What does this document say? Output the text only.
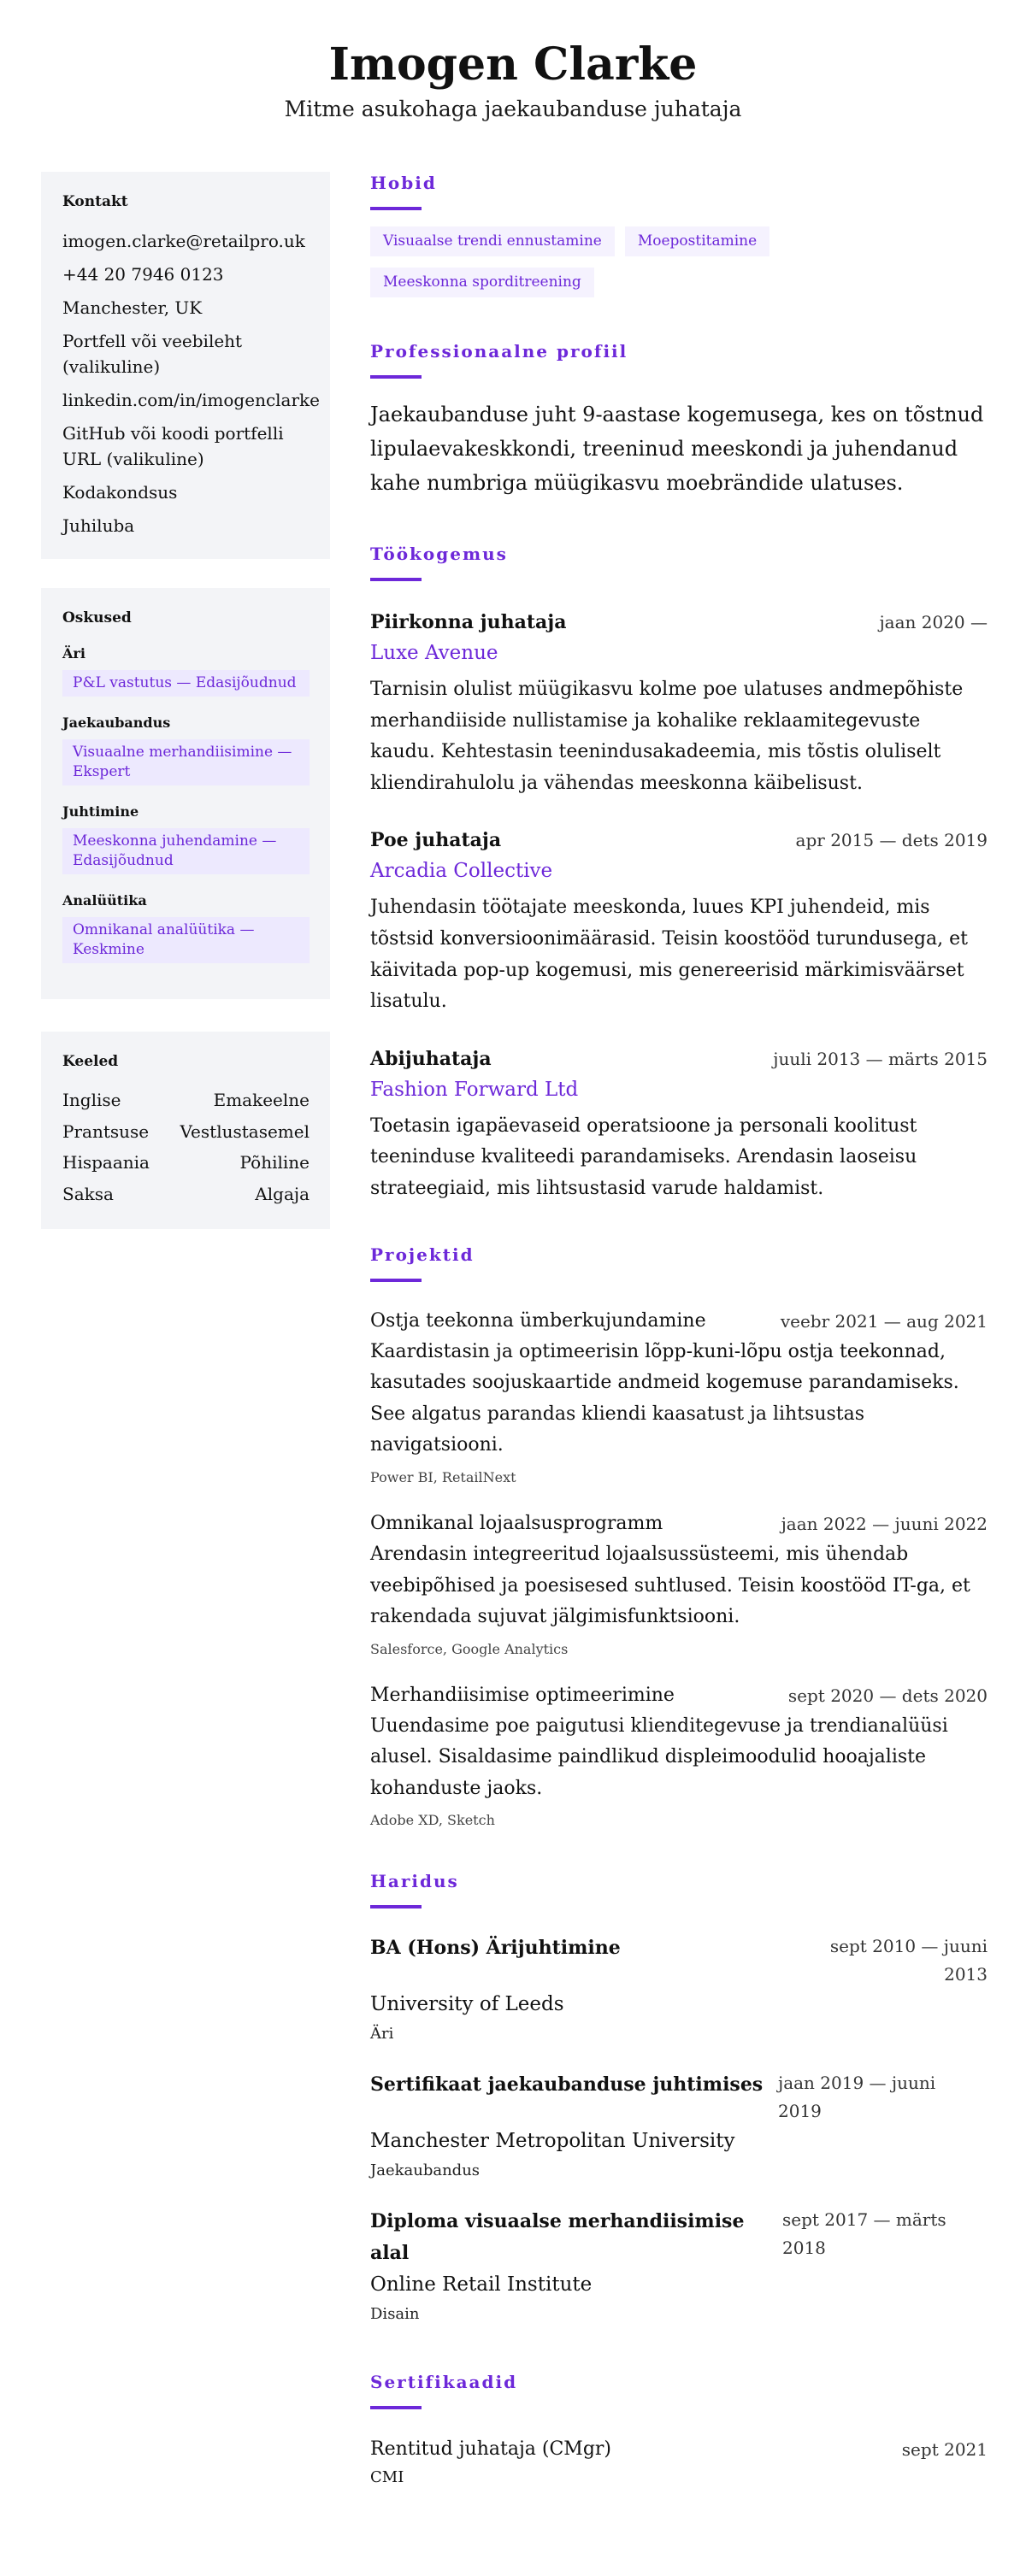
Imogen Clarke
Mitme asukohaga jaekaubanduse juhataja
Kontakt
imogen.clarke@retailpro.uk
+44 20 7946 0123
Manchester, UK
Portfell või veebileht (valikuline)
linkedin.com/in/imogenclarke
GitHub või koodi portfelli URL (valikuline)
Kodakondsus
Juhiluba
Oskused
Äri
P&L vastutus — Edasijõudnud
Jaekaubandus
Visuaalne merhandiisimine — Ekspert
Juhtimine
Meeskonna juhendamine — Edasijõudnud
Analüütika
Omnikanal analüütika — Keskmine
Keeled
Inglise	Emakeelne
Prantsuse Vestlustasemel
Hispaania	Põhiline
Saksa	Algaja
Hobid
Visuaalse trendi ennustamine	Moepostitamine
Meeskonna sporditreening
Professionaalne profiil

Jaekaubanduse juht 9-aastase kogemusega, kes on tõstnud lipulaevakeskkondi, treeninud meeskondi ja juhendanud kahe numbriga müügikasvu moebrändide ulatuses.

Töökogemus
Piirkonna juhataja	jaan 2020 —
Luxe Avenue

Tarnisin olulist müügikasvu kolme poe ulatuses andmepõhiste merhandiiside nullistamise ja kohalike reklaamitegevuste kaudu. Kehtestasin teenindusakadeemia, mis tõstis oluliselt kliendirahulolu ja vähendas meeskonna käibelisust.

Poe juhataja	apr 2015 — dets 2019
Arcadia Collective

Juhendasin töötajate meeskonda, luues KPI juhendeid, mis tõstsid konversioonimäärasid. Teisin koostööd turundusega, et käivitada pop-up kogemusi, mis genereerisid märkimisväärset lisatulu.

Abijuhataja	juuli 2013 — märts 2015
Fashion Forward Ltd

Toetasin igapäevaseid operatsioone ja personali koolitust teeninduse kvaliteedi parandamiseks. Arendasin laoseisu strateegiaid, mis lihtsustasid varude haldamist.

Projektid
Ostja teekonna ümberkujundamine	veebr 2021 — aug 2021

Kaardistasin ja optimeerisin lõpp-kuni-lõpu ostja teekonnad, kasutades soojuskaartide andmeid kogemuse parandamiseks. See algatus parandas kliendi kaasatust ja lihtsustas navigatsiooni.

Power BI, RetailNext
Omnikanal lojaalsusprogramm	jaan 2022 — juuni 2022

Arendasin integreeritud lojaalsussüsteemi, mis ühendab veebipõhised ja poesisesed suhtlused. Teisin koostööd IT-ga, et rakendada sujuvat jälgimisfunktsiooni.

Salesforce, Google Analytics
Merhandiisimise optimeerimine	sept 2020 — dets 2020

Uuendasime poe paigutusi klienditegevuse ja trendianalüüsi alusel. Sisaldasime paindlikud displeimoodulid hooajaliste kohanduste jaoks.

Adobe XD, Sketch
Haridus
BA (Hons) Ärijuhtimine	sept 2010 — juuni 2013
University of Leeds
Äri
Sertifikaat jaekaubanduse juhtimises jaan 2019 — juuni 2019
Manchester Metropolitan University
Jaekaubandus
Diploma visuaalse merhandiisimise alal
sept 2017 — märts 2018
Online Retail Institute
Disain
Sertifikaadid
Rentitud juhataja (CMgr)	sept 2021
CMI
